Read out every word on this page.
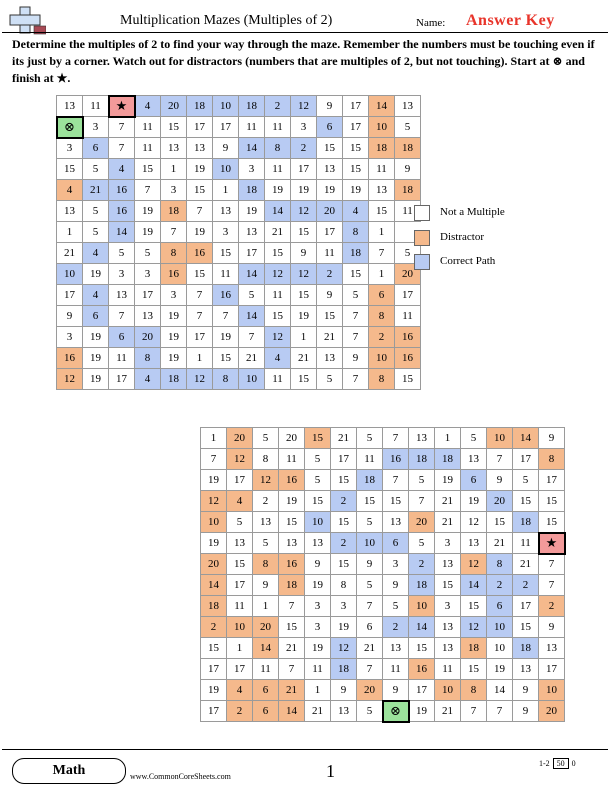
Multiplication Mazes (Multiples of 2)	Name: Answer Key
Determine the multiples of 2 to find your way through the maze. Remember the numbers must be touching even if its just by a corner. Watch out for distractors (numbers that are multiples of 2, but not touching). Start at ⊗ and finish at ★.
13	11	★	4	20	18	10	18	2	12	9	17	14	13
⊗	3	7	11	15	17	17	11	11	3	6	17	10	5
3	6	7	11	13	13	9	14	8	2	15	15	18	18
15	5	4	15	1	19	10	3	11	17	13	15	11	9
4	21	16	7	3	15	1	18	19	19	19	19	13	18
13	5	16	19	18	7	13	19	14	12	20	4	15	11
1	5	14	19	7	19	3	13	21	15	17	8	1	
21	4	5	5	8	16	15	17	15	9	11	18	7	5
10	19	3	3	16	15	11	14	12	12	2	15	1	20
17	4	13	17	3	7	16	5	11	15	9	5	6	17
9	6	7	13	19	7	7	14	15	19	15	7	8	11
3	19	6	20	19	17	19	7	12	1	21	7	2	16
16	19	11	8	19	1	15	21	4	21	13	9	10	16
12	19	17	4	18	12	8	10	11	15	5	7	8	15
Not a Multiple
Distractor
Correct Path
1	20	5	20	15	21	5	7	13	1	5	10	14	9
7	12	8	11	5	17	11	16	18	18	13	7	17	8
19	17	12	16	5	15	18	7	5	19	6	9	5	17
12	4	2	19	15	2	15	15	7	21	19	20	15	15
10	5	13	15	10	15	5	13	20	21	12	15	18	15
19	13	5	13	13	2	10	6	5	3	13	21	11	★
20	15	8	16	9	15	9	3	2	13	12	8	21	7
14	17	9	18	19	8	5	9	18	15	14	2	2	7
18	11	1	7	3	3	7	5	10	3	15	6	17	2
2	10	20	15	3	19	6	2	14	13	12	10	15	9
15	1	14	21	19	12	21	13	15	13	18	10	18	13
17	17	11	7	11	18	7	11	16	11	15	19	13	17
19	4	6	21	1	9	20	9	17	10	8	14	9	10
17	2	6	14	21	13	5	⊗	19	21	7	7	9	20
Math	www.CommonCoreSheets.com	1	1-2 50 0
